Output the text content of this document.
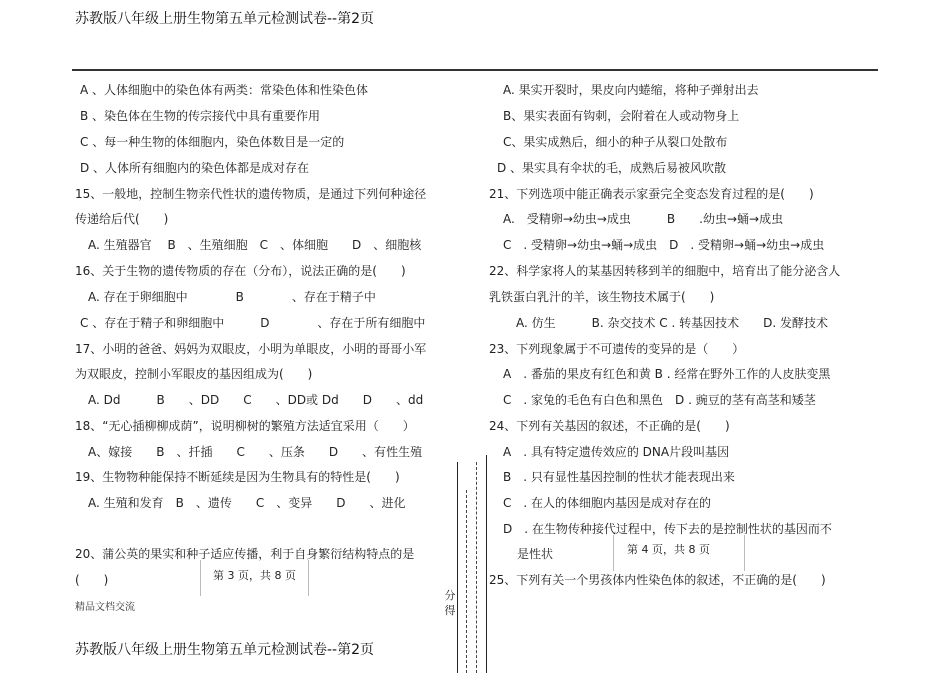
苏教版八年级上册生物第五单元检测试卷--第2页
A 、人体细胞中的染色体有两类：常染色体和性染色体
B 、染色体在生物的传宗接代中具有重要作用
C 、每一种生物的体细胞内，染色体数目是一定的
D 、人体所有细胞内的染色体都是成对存在
15、一般地，控制生物亲代性状的遗传物质，是通过下列何种途径
传递给后代(　　)
A. 生殖器官　 B　、生殖细胞　C　、体细胞　　D　、细胞核
16、关于生物的遗传物质的存在（分布），说法正确的是(　　)
A. 存在于卵细胞中　　　　B　　　　、存在于精子中
C 、存在于精子和卵细胞中　　　D　　　　、存在于所有细胞中
17、小明的爸爸、妈妈为双眼皮，小明为单眼皮，小明的哥哥小军
为双眼皮，控制小军眼皮的基因组成为(　　)
A. Dd　　　B　　、DD　　C　　、DD或 Dd　　D　　、dd
18、“无心插柳柳成荫”，说明柳树的繁殖方法适宜采用（　　）
A、嫁接　　B　、扦插　　C　　、压条　　D　　、有性生殖
19、生物物种能保持不断延续是因为生物具有的特性是(　　)
A. 生殖和发育　B　、遗传　　C　、变异　　D　　、进化
20、蒲公英的果实和种子适应传播，利于自身繁衍结构特点的是
(　　)
A. 果实开裂时，果皮向内蜷缩，将种子弹射出去
B、果实表面有钩刺，会附着在人或动物身上
C、果实成熟后，细小的种子从裂口处散布
D 、果实具有伞状的毛，成熟后易被风吹散
21、下列选项中能正确表示家蚕完全变态发育过程的是(　　)
A.　受精卵→幼虫→成虫　　　B　　.幼虫→蛹→成虫
C　. 受精卵→幼虫→蛹→成虫　D　. 受精卵→蛹→幼虫→成虫
22、科学家将人的某基因转移到羊的细胞中，培育出了能分泌含人
乳铁蛋白乳汁的羊，该生物技术属于(　　)
A. 仿生　　　B. 杂交技术 C . 转基因技术　　D. 发酵技术
23、下列现象属于不可遗传的变异的是（　　）
A　. 番茄的果皮有红色和黄 B . 经常在野外工作的人皮肤变黑
C　. 家兔的毛色有白色和黑色　D . 豌豆的茎有高茎和矮茎
24、下列有关基因的叙述，不正确的是(　　)
A　. 具有特定遗传效应的 DNA片段叫基因
B　. 只有显性基因控制的性状才能表现出来
C　. 在人的体细胞内基因是成对存在的
D　. 在生物传种接代过程中，传下去的是控制性状的基因而不
是性状
25、下列有关一个男孩体内性染色体的叙述，不正确的是(　　)
第 3 页，共 8 页
第 4 页，共 8 页
分 得
精品文档交流
苏教版八年级上册生物第五单元检测试卷--第2页
